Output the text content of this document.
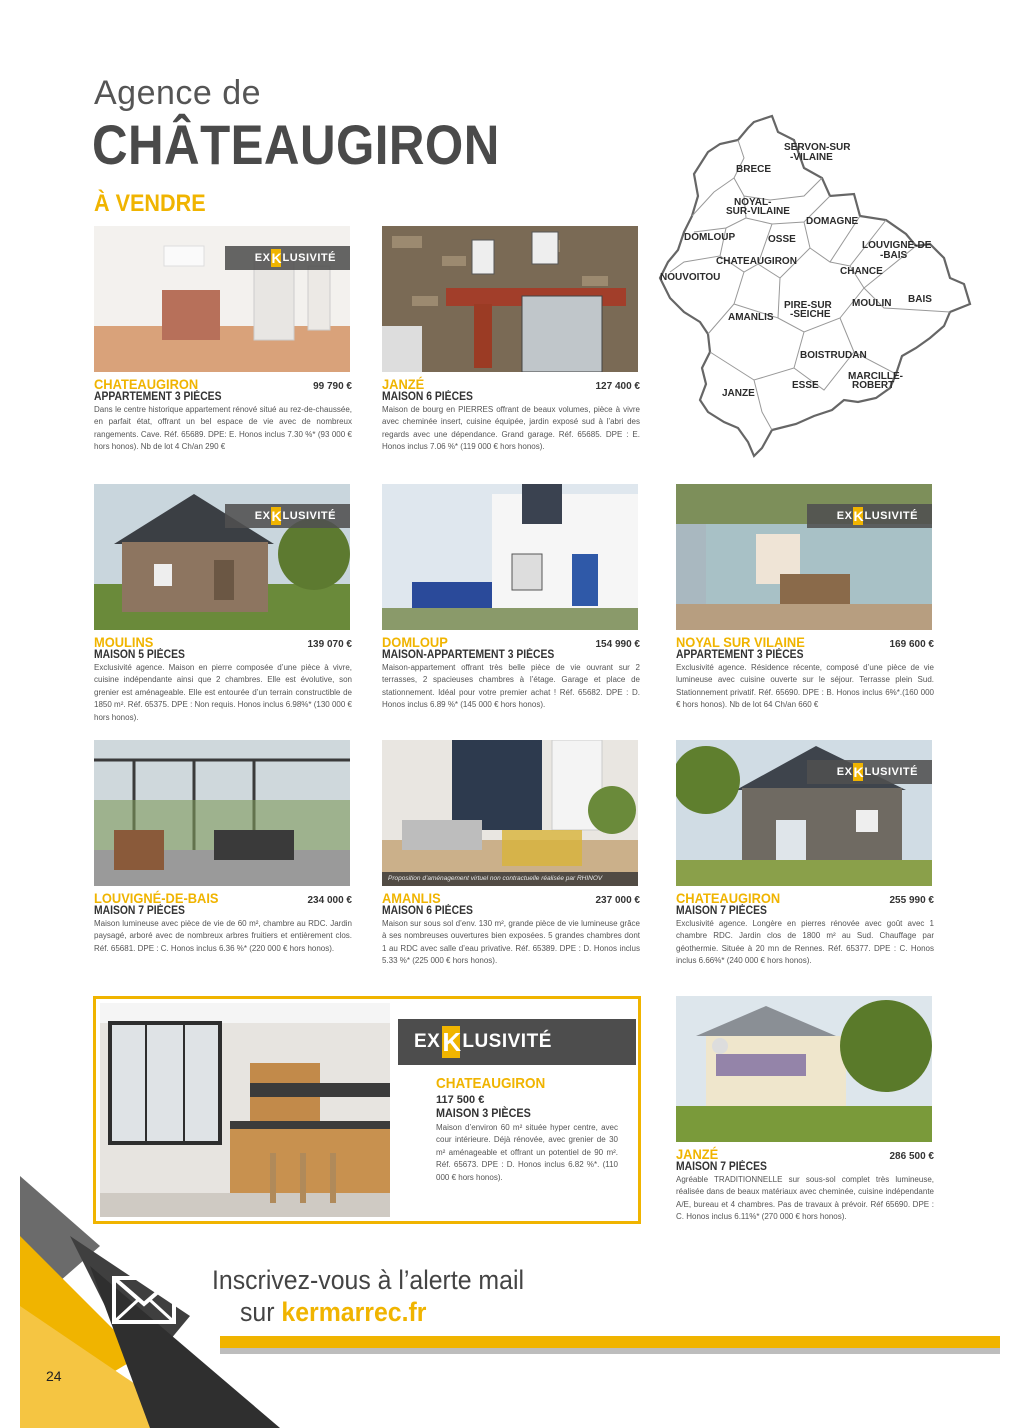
Agence de
CHÂTEAUGIRON
À VENDRE
SERVON-SUR
-VILAINE
BRECE
NOYAL-
SUR-VILAINE
DOMAGNE
DOMLOUP	OSSE
LOUVIGNE-DE
-BAIS
CHATEAUGIRON
CHANCE
NOUVOITOU
BAIS
MOULIN
PIRE-SUR
-SEICHE
AMANLIS
BOISTRUDAN
MARCILLE-
ROBERT
ESSE
JANZE
EX K LUSIVITÉ
CHATEAUGIRON	99 790 €
APPARTEMENT 3 PIÈCES
Dans le centre historique appartement rénové situé au rez-de-chaussée, en parfait état, offrant un bel espace de vie avec de nombreux rangements. Cave. Réf. 65689. DPE: E. Honos inclus 7.30 %* (93 000 € hors honos). Nb de lot 4 Ch/an 290 €
JANZÉ	127 400 €
MAISON 6 PIÈCES
Maison de bourg en PIERRES offrant de beaux volumes, pièce à vivre avec cheminée insert, cuisine équipée, jardin exposé sud à l’abri des regards avec une dépendance. Grand garage. Réf. 65685. DPE : E. Honos inclus 7.06 %* (119 000 € hors honos).
EX K LUSIVITÉ
MOULINS	139 070 €
MAISON 5 PIÈCES
Exclusivité agence. Maison en pierre composée d’une pièce à vivre, cuisine indépendante ainsi que 2 chambres. Elle est évolutive, son grenier est aménageable. Elle est entourée d’un terrain constructible de 1850 m². Réf. 65375. DPE : Non requis. Honos inclus 6.98%* (130 000 € hors honos).
DOMLOUP	154 990 €
MAISON-APPARTEMENT 3 PIÈCES
Maison-appartement offrant très belle pièce de vie ouvrant sur 2 terrasses, 2 spacieuses chambres à l’étage. Garage et place de stationnement. Idéal pour votre premier achat ! Réf. 65682. DPE : D. Honos inclus 6.89 %* (145 000 € hors honos).
EX K LUSIVITÉ
NOYAL SUR VILAINE	169 600 €
APPARTEMENT 3 PIÈCES
Exclusivité agence. Résidence récente, composé d’une pièce de vie lumineuse avec cuisine ouverte sur le séjour. Terrasse plein Sud. Stationnement privatif. Réf. 65690. DPE : B. Honos inclus 6%*.(160 000 € hors honos). Nb de lot 64 Ch/an 660 €
LOUVIGNÉ-DE-BAIS	234 000 €
MAISON 7 PIÈCES
Maison lumineuse avec pièce de vie de 60 m², chambre au RDC. Jardin paysagé, arboré avec de nombreux arbres fruitiers et entièrement clos. Réf. 65681. DPE : C. Honos inclus 6.36 %* (220 000 € hors honos).
Proposition d’aménagement virtuel non contractuelle réalisée par RHINOV
AMANLIS	237 000 €
MAISON 6 PIÈCES
Maison sur sous sol d’env. 130 m², grande pièce de vie lumineuse grâce à ses nombreuses ouvertures bien exposées. 5 grandes chambres dont 1 au RDC avec salle d’eau privative. Réf. 65389. DPE : D. Honos inclus 5.33 %* (225 000 € hors honos).
EX K LUSIVITÉ
CHATEAUGIRON	255 990 €
MAISON 7 PIÈCES
Exclusivité agence. Longère en pierres rénovée avec goût avec 1 chambre RDC. Jardin clos de 1800 m² au Sud. Chauffage par géothermie. Située à 20 mn de Rennes. Réf. 65377. DPE : C. Honos inclus 6.66%* (240 000 € hors honos).
JANZÉ	286 500 €
MAISON 7 PIÈCES
Agréable TRADITIONNELLE sur sous-sol complet très lumineuse, réalisée dans de beaux matériaux avec cheminée, cuisine indépendante A/E, bureau et 4 chambres. Pas de travaux à prévoir. Réf 65690. DPE : C. Honos inclus 6.11%* (270 000 € hors honos).
EX K LUSIVITÉ
CHATEAUGIRON
117 500 €
MAISON 3 PIÈCES
Maison d’environ 60 m² située hyper centre, avec cour intérieure. Déjà rénovée, avec grenier de 30 m² aménageable et offrant un potentiel de 90 m². Réf. 65673. DPE : D. Honos inclus 6.82 %*. (110 000 € hors honos).
Inscrivez-vous à l’alerte mail
sur kermarrec.fr
24
